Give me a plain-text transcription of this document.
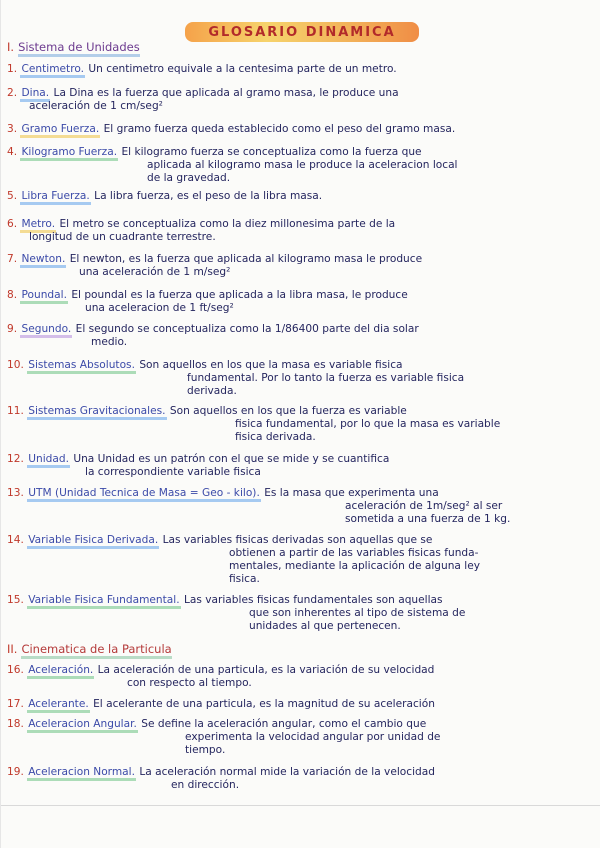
GLOSARIO DINAMICA
I. Sistema de Unidades
1. Centimetro. Un centimetro equivale a la centesima parte de un metro.
2. Dina. La Dina es la fuerza que aplicada al gramo masa, le produce una
aceleración de 1 cm/seg²
3. Gramo Fuerza. El gramo fuerza queda establecido como el peso del gramo masa.
4. Kilogramo Fuerza. El kilogramo fuerza se conceptualiza como la fuerza que
aplicada al kilogramo masa le produce la aceleracion local
de la gravedad.
5. Libra Fuerza. La libra fuerza, es el peso de la libra masa.
6. Metro. El metro se conceptualiza como la diez millonesima parte de la
longitud de un cuadrante terrestre.
7. Newton. El newton, es la fuerza que aplicada al kilogramo masa le produce
una aceleración de 1 m/seg²
8. Poundal. El poundal es la fuerza que aplicada a la libra masa, le produce
una aceleracion de 1 ft/seg²
9. Segundo. El segundo se conceptualiza como la 1/86400 parte del dia solar
medio.
10. Sistemas Absolutos. Son aquellos en los que la masa es variable fisica
fundamental. Por lo tanto la fuerza es variable fisica
derivada.
11. Sistemas Gravitacionales. Son aquellos en los que la fuerza es variable
fisica fundamental, por lo que la masa es variable
fisica derivada.
12. Unidad. Una Unidad es un patrón con el que se mide y se cuantifica
la correspondiente variable fisica
13. UTM (Unidad Tecnica de Masa = Geo - kilo). Es la masa que experimenta una
aceleración de 1m/seg² al ser
sometida a una fuerza de 1 kg.
14. Variable Fisica Derivada. Las variables fisicas derivadas son aquellas que se
obtienen a partir de las variables fisicas funda-
mentales, mediante la aplicación de alguna ley
fisica.
15. Variable Fisica Fundamental. Las variables fisicas fundamentales son aquellas
que son inherentes al tipo de sistema de
unidades al que pertenecen.
II. Cinematica de la Particula
16. Aceleración. La aceleración de una particula, es la variación de su velocidad
con respecto al tiempo.
17. Acelerante. El acelerante de una particula, es la magnitud de su aceleración
18. Aceleracion Angular. Se define la aceleración angular, como el cambio que
experimenta la velocidad angular por unidad de
tiempo.
19. Aceleracion Normal. La aceleración normal mide la variación de la velocidad
en dirección.
